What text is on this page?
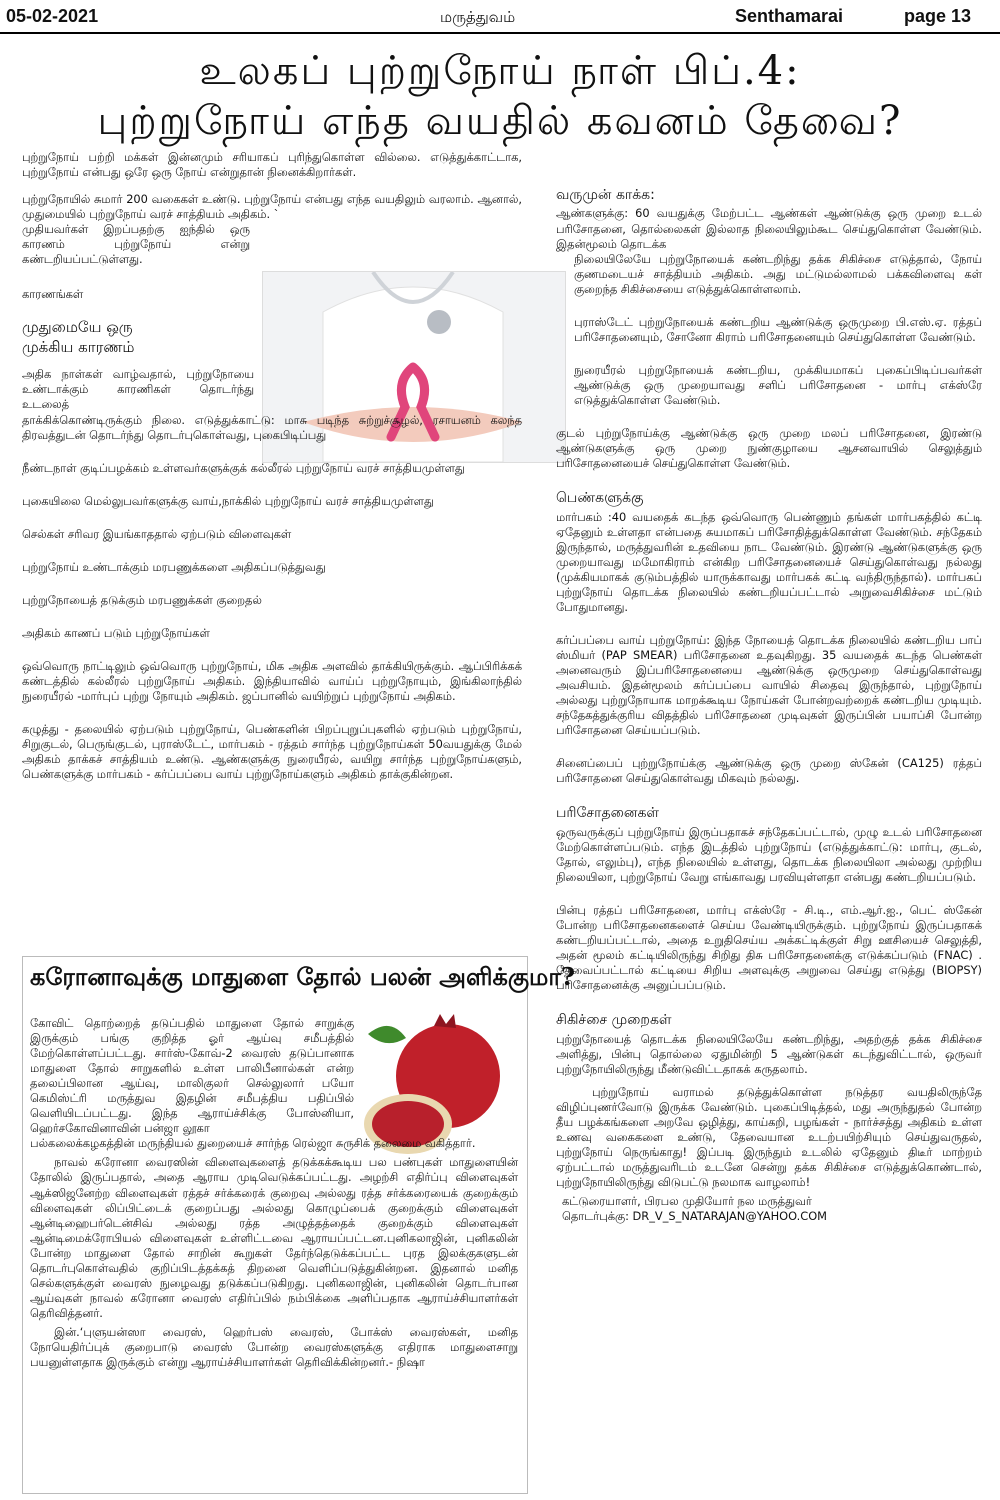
05-02-2021	மருத்துவம்	Senthamarai	page 13
உலகப் புற்றுநோய் நாள் பிப்.4:
புற்றுநோய் எந்த வயதில் கவனம் தேவை?

புற்றுநோய் பற்றி மக்கள் இன்னமும் சரியாகப் புரிந்துகொள்ள வில்லை. எடுத்துக்காட்டாக, புற்றுநோய் என்பது ஒரே ஒரு நோய் என்றுதான் நினைக்கிறார்கள்.

புற்றுநோயில் சுமார் 200 வகைகள் உண்டு. புற்றுநோய் என்பது எந்த வயதிலும் வரலாம். ஆனால், முதுமையில் புற்றுநோய் வரச் சாத்தியம் அதிகம். `

முதியவர்கள் இறப்பதற்கு ஐந்தில் ஒரு காரணம் புற்றுநோய் என்று கண்டறியப்பட்டுள்ளது.

காரணங்கள்

முதுமையே ஒரு முக்கிய காரணம்

அதிக நாள்கள் வாழ்வதால், புற்றுநோயை உண்டாக்கும் காரணிகள் தொடர்ந்து உடலைத்

தாக்கிக்கொண்டிருக்கும் நிலை. எடுத்துக்காட்டு: மாசு படிந்த சுற்றுச்சூழல், ரசாயனம் கலந்த திரவத்துடன் தொடர்ந்து தொடர்புகொள்வது, புகைபிடிப்பது

நீண்டநாள் குடிப்பழக்கம் உள்ளவர்களுக்குக் கல்லீரல் புற்றுநோய் வரச் சாத்தியமுள்ளது

புகையிலை மெல்லுபவர்களுக்கு வாய்,நாக்கில் புற்றுநோய் வரச் சாத்தியமுள்ளது

செல்கள் சரிவர இயங்காததால் ஏற்படும் விளைவுகள்

புற்றுநோய் உண்டாக்கும் மரபணுக்களை அதிகப்படுத்துவது

புற்றுநோயைத் தடுக்கும் மரபணுக்கள் குறைதல்

அதிகம் காணப் படும் புற்றுநோய்கள்

ஒவ்வொரு நாட்டிலும் ஒவ்வொரு புற்றுநோய், மிக அதிக அளவில் தாக்கியிருக்கும். ஆப்பிரிக்கக் கண்டத்தில் கல்லீரல் புற்றுநோய் அதிகம். இந்தியாவில் வாய்ப் புற்றுநோயும், இங்கிலாந்தில் நுரையீரல் -மார்புப் புற்று நோயும் அதிகம். ஜப்பானில் வயிற்றுப் புற்றுநோய் அதிகம்.

கழுத்து - தலையில் ஏற்படும் புற்றுநோய், பெண்களின் பிறப்புறுப்புகளில் ஏற்படும் புற்றுநோய், சிறுகுடல், பெருங்குடல், புராஸ்டேட், மார்பகம் - ரத்தம் சார்ந்த புற்றுநோய்கள் 50வயதுக்கு மேல் அதிகம் தாக்கச் சாத்தியம் உண்டு. ஆண்களுக்கு நுரையீரல், வயிறு சார்ந்த புற்றுநோய்களும், பெண்களுக்கு மார்பகம் - கர்ப்பப்பை வாய் புற்றுநோய்களும் அதிகம் தாக்குகின்றன.

கரோனாவுக்கு மாதுளை தோல் பலன் அளிக்குமா?

கோவிட் தொற்றைத் தடுப்பதில் மாதுளை தோல் சாறுக்கு இருக்கும் பங்கு குறித்த ஓர் ஆய்வு சமீபத்தில் மேற்கொள்ளப்பட்டது. சார்ஸ்-கோவ்-2 வைரஸ் தடுப்பானாக மாதுளை தோல் சாறுகளில் உள்ள பாலிபீனால்கள் என்ற தலைப்பிலான ஆய்வு, மாலிகுலர் செல்லுலார் பயோ கெமிஸ்ட்ரி மருத்துவ இதழின் சமீபத்திய பதிப்பில் வெளியிடப்பட்டது. இந்த ஆராய்ச்சிக்கு போஸ்னியா, ஹெர்சகோவினாவின் பன்ஜா லூகா

பல்கலைக்கழகத்தின் மருந்தியல் துறையைச் சார்ந்த ரெல்ஜா சுருசிக் தலைமை வகித்தார்.

நாவல் கரோனா வைரஸின் விளைவுகளைத் தடுக்கக்கூடிய பல பண்புகள் மாதுளையின் தோலில் இருப்பதால், அதை ஆராய முடிவெடுக்கப்பட்டது. அழற்சி எதிர்ப்பு விளைவுகள் ஆக்ஸிஜனேற்ற விளைவுகள் ரத்தச் சர்க்கரைக் குறைவு அல்லது ரத்த சர்க்கரையைக் குறைக்கும் விளைவுகள் லிப்பிட்டைக் குறைப்பது அல்லது கொழுப்பைக் குறைக்கும் விளைவுகள் ஆன்டிஹைபர்டென்சிவ் அல்லது ரத்த அழுத்தத்தைக் குறைக்கும் விளைவுகள் ஆன்டிமைக்ரோபியல் விளைவுகள் உள்ளிட்டவை ஆராயப்பட்டன.புனிகலாஜின், புனிகலின் போன்ற மாதுளை தோல் சாறின் கூறுகள் தேர்ந்தெடுக்கப்பட்ட புரத இலக்குகளுடன் தொடர்புகொள்வதில் குறிப்பிடத்தக்கத் திறனை வெளிப்படுத்துகின்றன. இதனால் மனித செல்களுக்குள் வைரஸ் நுழைவது தடுக்கப்படுகிறது. புனிகலாஜின், புனிகலின் தொடர்பான ஆய்வுகள் நாவல் கரோனா வைரஸ் எதிர்ப்பில் நம்பிக்கை அளிப்பதாக ஆராய்ச்சியாளர்கள் தெரிவித்தனர்.

இன்.‘புளுயன்ஸா வைரஸ், ஹெர்பஸ் வைரஸ், போக்ஸ் வைரஸ்கள், மனித நோயெதிர்ப்புக் குறைபாடு வைரஸ் போன்ற வைரஸ்களுக்கு எதிராக மாதுளைசாறு பயனுள்ளதாக இருக்கும் என்று ஆராய்ச்சியாளர்கள் தெரிவிக்கின்றனர்.- நிஷா

வருமுன் காக்க:

ஆண்களுக்கு: 60 வயதுக்கு மேற்பட்ட ஆண்கள் ஆண்டுக்கு ஒரு முறை உடல் பரிசோதனை, தொல்லைகள் இல்லாத நிலையிலும்கூட செய்துகொள்ள வேண்டும். இதன்மூலம் தொடக்க

நிலையிலேயே புற்றுநோயைக் கண்டறிந்து தக்க சிகிச்சை எடுத்தால், நோய் குணமடையச் சாத்தியம் அதிகம். அது மட்டுமல்லாமல் பக்கவிளைவு கள் குறைந்த சிகிச்சையை எடுத்துக்கொள்ளலாம்.

புராஸ்டேட் புற்றுநோயைக் கண்டறிய ஆண்டுக்கு ஒருமுறை பி.எஸ்.ஏ. ரத்தப் பரிசோதனையும், சோனோ கிராம் பரிசோதனையும் செய்துகொள்ள வேண்டும்.

நுரையீரல் புற்றுநோயைக் கண்டறிய, முக்கியமாகப் புகைப்பிடிப்பவர்கள் ஆண்டுக்கு ஒரு முறையாவது சளிப் பரிசோதனை - மார்பு எக்ஸ்ரே எடுத்துக்கொள்ள வேண்டும்.

குடல் புற்றுநோய்க்கு ஆண்டுக்கு ஒரு முறை மலப் பரிசோதனை, இரண்டு ஆண்டுகளுக்கு ஒரு முறை நுண்குழாயை ஆசனவாயில் செலுத்தும் பரிசோதனையைச் செய்துகொள்ள வேண்டும்.

பெண்களுக்கு

மார்பகம் :40 வயதைக் கடந்த ஒவ்வொரு பெண்ணும் தங்கள் மார்பகத்தில் கட்டி ஏதேனும் உள்ளதா என்பதை சுயமாகப் பரிசோதித்துக்கொள்ள வேண்டும். சந்தேகம் இருந்தால், மருத்துவரின் உதவியை நாட வேண்டும். இரண்டு ஆண்டுகளுக்கு ஒரு முறையாவது மமோகிராம் என்கிற பரிசோதனையைச் செய்துகொள்வது நல்லது (முக்கியமாகக் குடும்பத்தில் யாருக்காவது மார்பகக் கட்டி வந்திருந்தால்). மார்பகப் புற்றுநோய் தொடக்க நிலையில் கண்டறியப்பட்டால் அறுவைசிகிச்சை மட்டும் போதுமானது.

கர்ப்பப்பை வாய் புற்றுநோய்: இந்த நோயைத் தொடக்க நிலையில் கண்டறிய பாப் ஸ்மியர் (PAP SMEAR) பரிசோதனை உதவுகிறது. 35 வயதைக் கடந்த பெண்கள் அனைவரும் இப்பரிசோதனையை ஆண்டுக்கு ஒருமுறை செய்துகொள்வது அவசியம். இதன்மூலம் கர்ப்பப்பை வாயில் சிதைவு இருந்தால், புற்றுநோய் அல்லது புற்றுநோயாக மாறக்கூடிய நோய்கள் போன்றவற்றைக் கண்டறிய முடியும். சந்தேகத்துக்குரிய விதத்தில் பரிசோதனை முடிவுகள் இருப்பின் பயாப்சி போன்ற பரிசோதனை செய்யப்படும்.

சினைப்பைப் புற்றுநோய்க்கு ஆண்டுக்கு ஒரு முறை ஸ்கேன் (CA125) ரத்தப் பரிசோதனை செய்துகொள்வது மிகவும் நல்லது.

பரிசோதனைகள்

ஒருவருக்குப் புற்றுநோய் இருப்பதாகச் சந்தேகப்பட்டால், முழு உடல் பரிசோதனை மேற்கொள்ளப்படும். எந்த இடத்தில் புற்றுநோய் (எடுத்துக்காட்டு: மார்பு, குடல், தோல், எலும்பு), எந்த நிலையில் உள்ளது, தொடக்க நிலையிலா அல்லது முற்றிய நிலையிலா, புற்றுநோய் வேறு எங்காவது பரவியுள்ளதா என்பது கண்டறியப்படும்.

பின்பு ரத்தப் பரிசோதனை, மார்பு எக்ஸ்ரே - சி.டி., எம்.ஆர்.ஐ., பெட் ஸ்கேன் போன்ற பரிசோதனைகளைச் செய்ய வேண்டியிருக்கும். புற்றுநோய் இருப்பதாகக் கண்டறியப்பட்டால், அதை உறுதிசெய்ய அக்கட்டிக்குள் சிறு ஊசியைச் செலுத்தி, அதன் மூலம் கட்டியிலிருந்து சிறிது திசு பரிசோதனைக்கு எடுக்கப்படும் (FNAC) . தேவைப்பட்டால் கட்டியை சிறிய அளவுக்கு அறுவை செய்து எடுத்து (BIOPSY) பரிசோதனைக்கு அனுப்பப்படும்.

சிகிச்சை முறைகள்

புற்றுநோயைத் தொடக்க நிலையிலேயே கண்டறிந்து, அதற்குத் தக்க சிகிச்சை அளித்து, பின்பு தொல்லை ஏதுமின்றி 5 ஆண்டுகள் கடந்துவிட்டால், ஒருவர் புற்றுநோயிலிருந்து மீண்டுவிட்டதாகக் கருதலாம்.

புற்றுநோய் வராமல் தடுத்துக்கொள்ள நடுத்தர வயதிலிருந்தே விழிப்புணர்வோடு இருக்க வேண்டும். புகைப்பிடித்தல், மது அருந்துதல் போன்ற தீய பழக்கங்களை அறவே ஒழித்து, காய்கறி, பழங்கள் - நார்ச்சத்து அதிகம் உள்ள உணவு வகைகளை உண்டு, தேவையான உடற்பயிற்சியும் செய்துவருதல், புற்றுநோய் நெருங்காது! இப்படி இருந்தும் உடலில் ஏதேனும் திடீர் மாற்றம் ஏற்பட்டால் மருத்துவரிடம் உடனே சென்று தக்க சிகிச்சை எடுத்துக்கொண்டால், புற்றுநோயிலிருந்து விடுபட்டு நலமாக வாழலாம்!

கட்டுரையாளர், பிரபல முதியோர் நல மருத்துவர்
தொடர்புக்கு: DR_V_S_NATARAJAN@YAHOO.COM
